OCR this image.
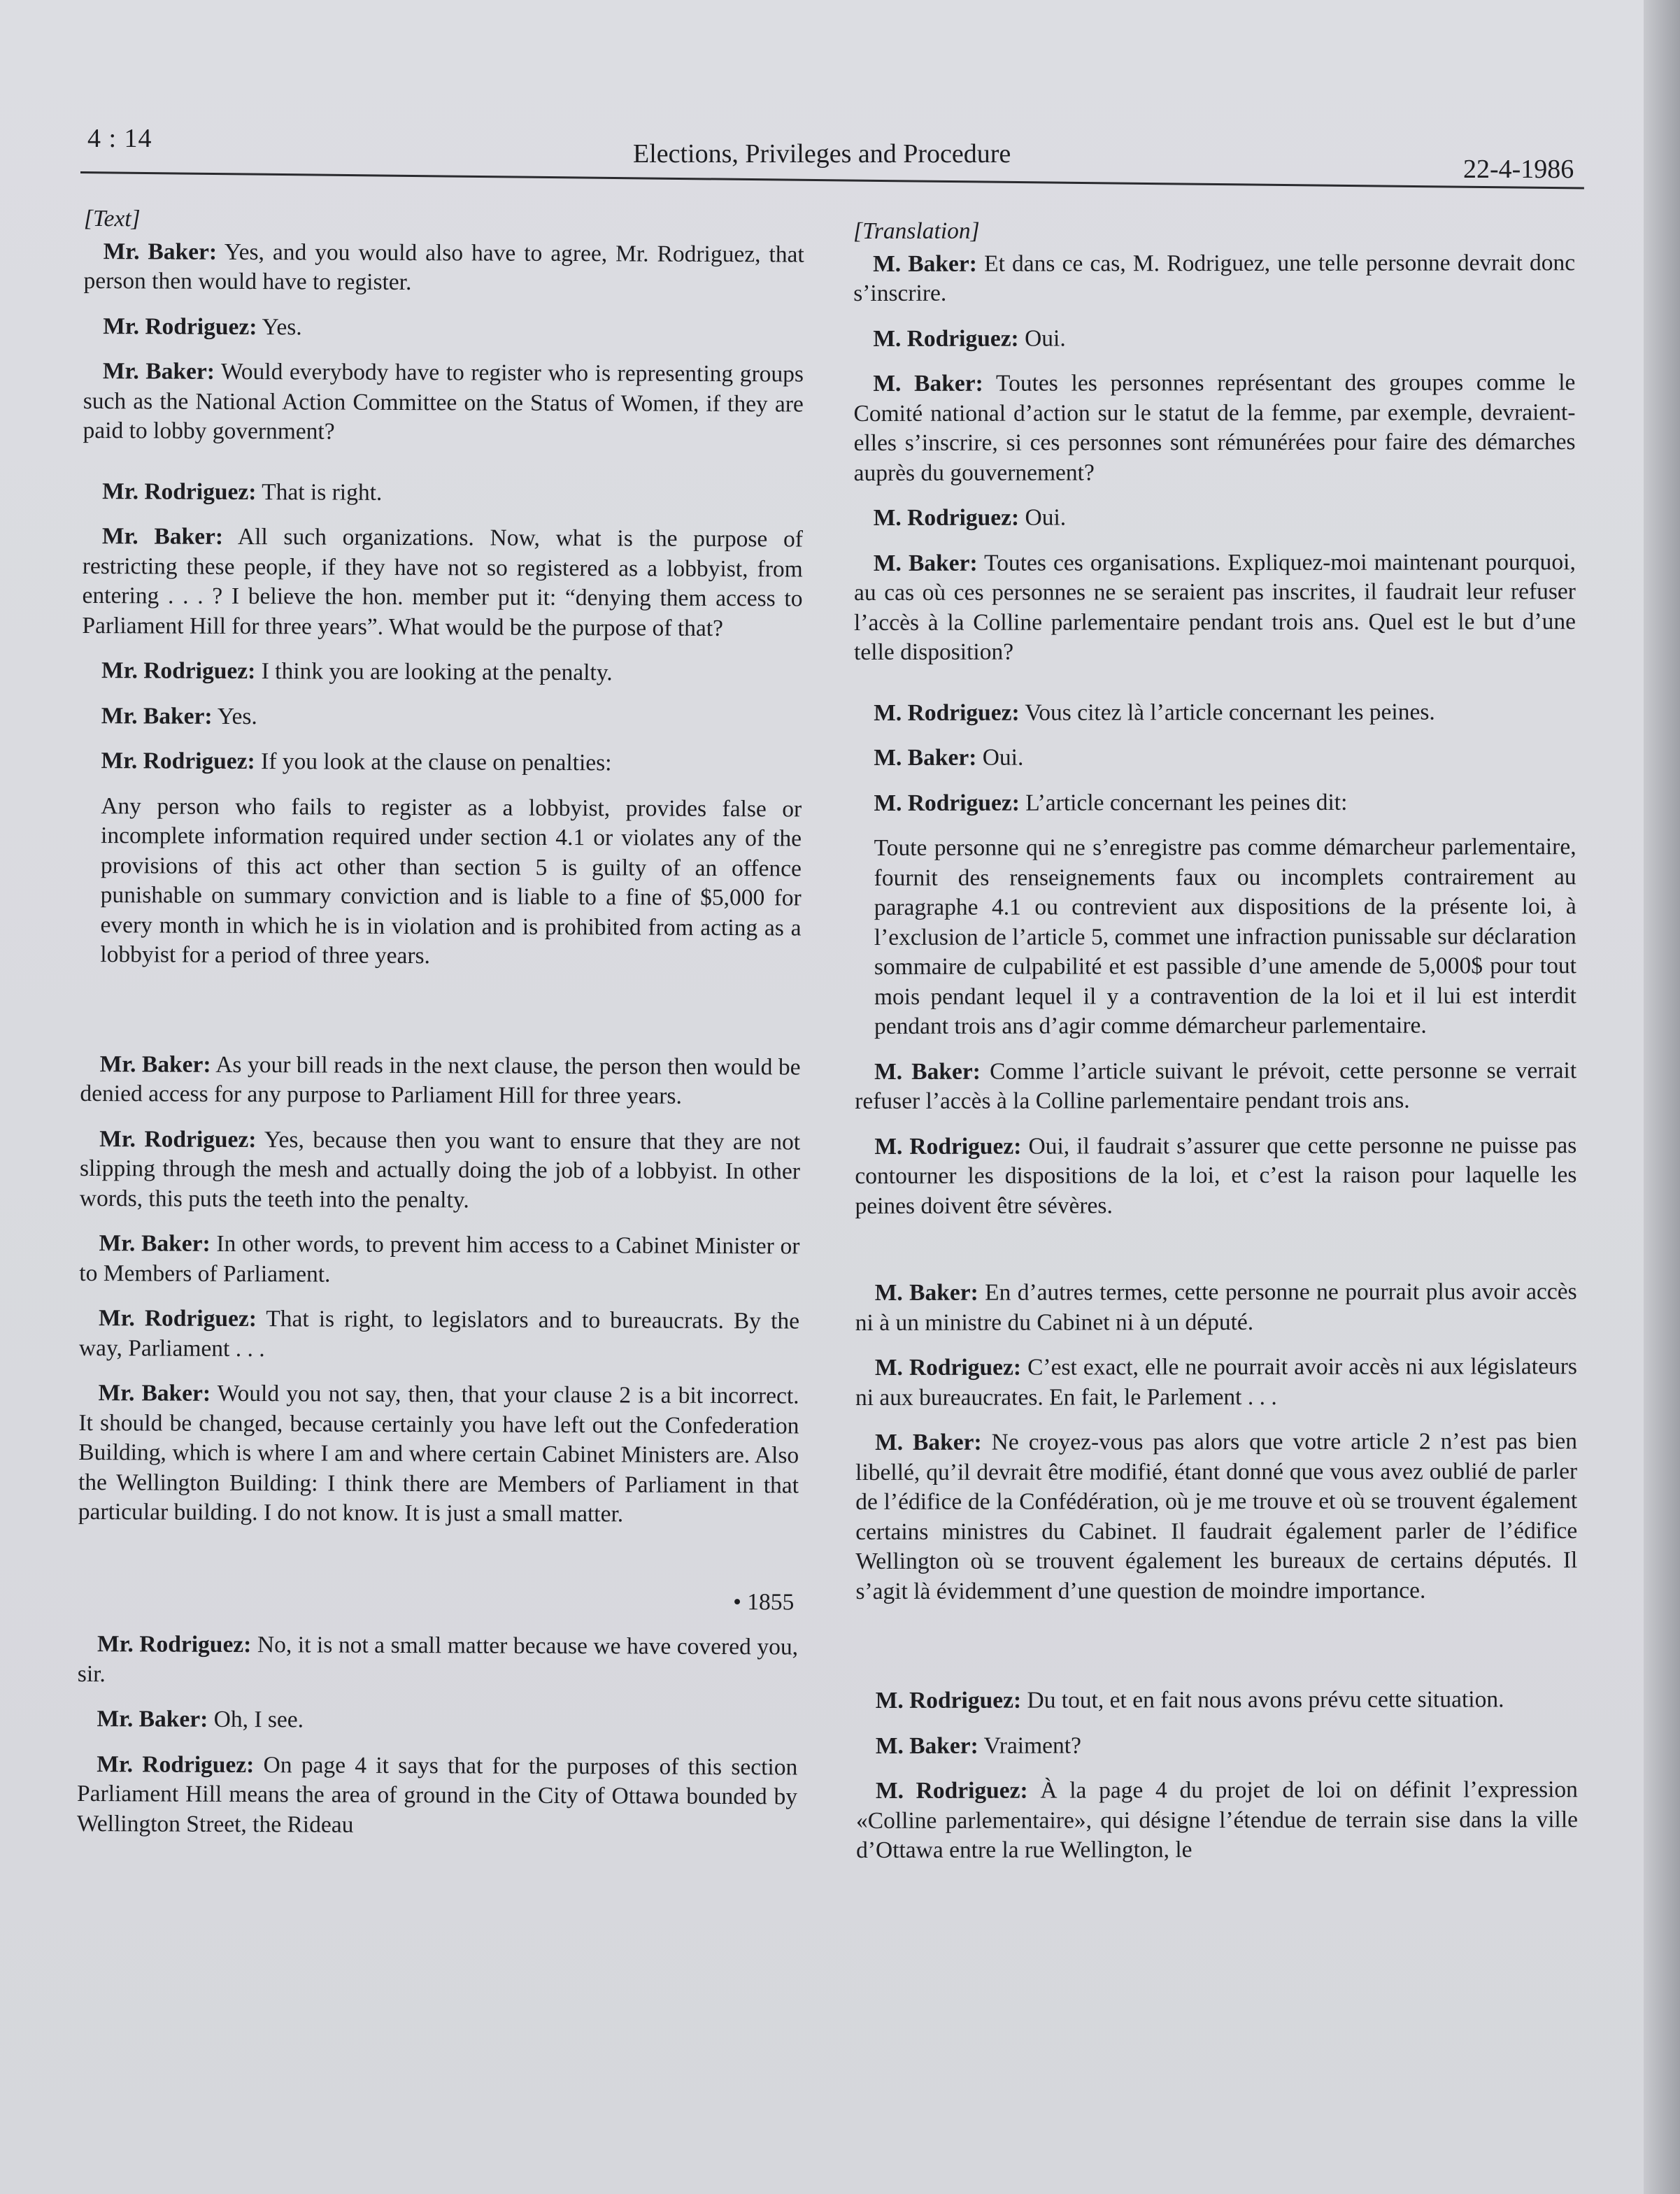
4 : 14
Elections, Privileges and Procedure
22-4-1986
[Text]

Mr. Baker: Yes, and you would also have to agree, Mr. Rodriguez, that person then would have to register.

Mr. Rodriguez: Yes.

Mr. Baker: Would everybody have to register who is representing groups such as the National Action Committee on the Status of Women, if they are paid to lobby government?

Mr. Rodriguez: That is right.

Mr. Baker: All such organizations. Now, what is the purpose of restricting these people, if they have not so registered as a lobbyist, from entering . . . ? I believe the hon. member put it: “denying them access to Parliament Hill for three years”. What would be the purpose of that?

Mr. Rodriguez: I think you are looking at the penalty.

Mr. Baker: Yes.

Mr. Rodriguez: If you look at the clause on penalties:

Any person who fails to register as a lobbyist, provides false or incomplete information required under section 4.1 or violates any of the provisions of this act other than section 5 is guilty of an offence punishable on summary conviction and is liable to a fine of $5,000 for every month in which he is in violation and is prohibited from acting as a lobbyist for a period of three years.

Mr. Baker: As your bill reads in the next clause, the person then would be denied access for any purpose to Parliament Hill for three years.

Mr. Rodriguez: Yes, because then you want to ensure that they are not slipping through the mesh and actually doing the job of a lobbyist. In other words, this puts the teeth into the penalty.

Mr. Baker: In other words, to prevent him access to a Cabinet Minister or to Members of Parliament.

Mr. Rodriguez: That is right, to legislators and to bureaucrats. By the way, Parliament . . .

Mr. Baker: Would you not say, then, that your clause 2 is a bit incorrect. It should be changed, because certainly you have left out the Confederation Building, which is where I am and where certain Cabinet Ministers are. Also the Wellington Building: I think there are Members of Parliament in that particular building. I do not know. It is just a small matter.

• 1855

Mr. Rodriguez: No, it is not a small matter because we have covered you, sir.

Mr. Baker: Oh, I see.

Mr. Rodriguez: On page 4 it says that for the purposes of this section Parliament Hill means the area of ground in the City of Ottawa bounded by Wellington Street, the Rideau

[Translation]

M. Baker: Et dans ce cas, M. Rodriguez, une telle personne devrait donc s’inscrire.

M. Rodriguez: Oui.

M. Baker: Toutes les personnes représentant des groupes comme le Comité national d’action sur le statut de la femme, par exemple, devraient-elles s’inscrire, si ces personnes sont rémunérées pour faire des démarches auprès du gouvernement?

M. Rodriguez: Oui.

M. Baker: Toutes ces organisations. Expliquez-moi maintenant pourquoi, au cas où ces personnes ne se seraient pas inscrites, il faudrait leur refuser l’accès à la Colline parlementaire pendant trois ans. Quel est le but d’une telle disposition?

M. Rodriguez: Vous citez là l’article concernant les peines.

M. Baker: Oui.

M. Rodriguez: L’article concernant les peines dit:

Toute personne qui ne s’enregistre pas comme démarcheur parlementaire, fournit des renseignements faux ou incomplets contrairement au paragraphe 4.1 ou contrevient aux dispositions de la présente loi, à l’exclusion de l’article 5, commet une infraction punissable sur déclaration sommaire de culpabilité et est passible d’une amende de 5,000$ pour tout mois pendant lequel il y a contravention de la loi et il lui est interdit pendant trois ans d’agir comme démarcheur parlementaire.

M. Baker: Comme l’article suivant le prévoit, cette personne se verrait refuser l’accès à la Colline parlementaire pendant trois ans.

M. Rodriguez: Oui, il faudrait s’assurer que cette personne ne puisse pas contourner les dispositions de la loi, et c’est la raison pour laquelle les peines doivent être sévères.

M. Baker: En d’autres termes, cette personne ne pourrait plus avoir accès ni à un ministre du Cabinet ni à un député.

M. Rodriguez: C’est exact, elle ne pourrait avoir accès ni aux législateurs ni aux bureaucrates. En fait, le Parlement . . .

M. Baker: Ne croyez-vous pas alors que votre article 2 n’est pas bien libellé, qu’il devrait être modifié, étant donné que vous avez oublié de parler de l’édifice de la Confédération, où je me trouve et où se trouvent également certains ministres du Cabinet. Il faudrait également parler de l’édifice Wellington où se trouvent également les bureaux de certains députés. Il s’agit là évidemment d’une question de moindre importance.

M. Rodriguez: Du tout, et en fait nous avons prévu cette situation.

M. Baker: Vraiment?

M. Rodriguez: À la page 4 du projet de loi on définit l’expression «Colline parlementaire», qui désigne l’étendue de terrain sise dans la ville d’Ottawa entre la rue Wellington, le
